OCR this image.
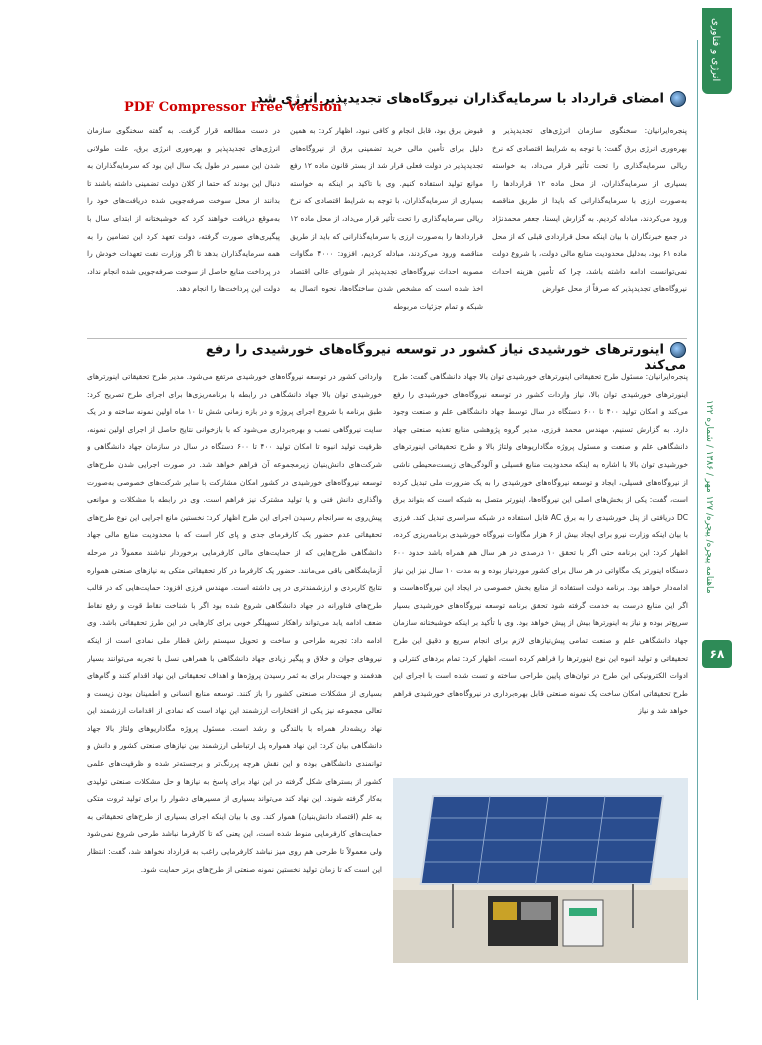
انرژی و فناوری
ماهنامه پیچره/ پیچره/ ۱۲۷ مهر / ۱۳۸۶ / شماره ۱۲۲
۶۸
امضای قرارداد با سرمایه‌گذاران نیروگاه‌های تجدیدپذیر انرژی شد
PDF Compressor Free Version
پنجره‌ایرانیان: سخنگوی سازمان انرژی‌های تجدیدپذیر و بهره‌وری انرژی برق گفت: با توجه به شرایط اقتصادی که نرخ ریالی سرمایه‌گذاری را تحت تأثیر قرار می‌داد، به خواسته بسیاری از سرمایه‌گذاران، از محل ماده ۱۲ قراردادها را به‌صورت ارزی با سرمایه‌گذارانی که بایدا از طریق مناقصه ورود می‌کردند، مبادله کردیم. به گزارش ایسنا، جعفر محمدنژاد در جمع خبرنگاران با بیان اینکه محل قراردادی قبلی که از محل ماده ۶۱ بود، به‌دلیل محدودیت منابع مالی دولت، با شروع دولت نمی‌توانست ادامه داشته باشد، چرا که تأمین هزینه احداث نیروگاه‌های تجدیدپذیر که صرفاً از محل عوارض
قبوض برق بود، قابل انجام و کافی نبود، اظهار کرد: به همین دلیل برای تأمین مالی خرید تضمینی برق از نیروگاه‌های تجدیدپذیر در دولت فعلی قرار شد از بستر قانون ماده ۱۲ رفع موانع تولید استفاده کنیم. وی با تاکید بر اینکه به خواسته بسیاری از سرمایه‌گذاران، با توجه به شرایط اقتصادی که نرخ ریالی سرمایه‌گذاری را تحت تأثیر قرار می‌داد، از محل ماده ۱۲ قراردادها را به‌صورت ارزی با سرمایه‌گذارانی که باید از طریق مناقصه ورود می‌کردند، مبادله کردیم، افزود: ۴۰۰۰ مگاوات مصوبه احداث نیروگاه‌های تجدیدپذیر از شورای عالی اقتصاد اخذ شده است که مشخص شدن ساختگاه‌ها، نحوه اتصال به شبکه و تمام جزئیات مربوطه
در دست مطالعه قرار گرفت. به گفته سخنگوی سازمان انرژی‌های تجدیدپذیر و بهره‌وری انرژی برق، علت طولانی شدن این مسیر در طول یک سال این بود که سرمایه‌گذاران به دنبال این بودند که حتما از کلان دولت تضمینی داشته باشند تا بدانند از محل سوخت صرفه‌جویی شده دریافت‌های خود را به‌موقع دریافت خواهند کرد که خوشبختانه از ابتدای سال با پیگیری‌های صورت گرفته، دولت تعهد کرد این تضامین را به همه سرمایه‌گذاران بدهد تا اگر وزارت نفت تعهدات خودش را در پرداخت منابع حاصل از سوخت صرفه‌جویی شده انجام نداد، دولت این پرداخت‌ها را انجام دهد.
اینورترهای خورشیدی نیاز کشور در توسعه نیروگاه‌های خورشیدی را رفع می‌کند
پنجره‌ایرانیان: مسئول طرح تحقیقاتی اینورترهای خورشیدی توان بالا جهاد دانشگاهی گفت: طرح اینورترهای خورشیدی توان بالا، نیاز واردات کشور در توسعه نیروگاه‌های خورشیدی را رفع می‌کند و امکان تولید ۴۰۰ تا ۶۰۰ دستگاه در سال توسط جهاد دانشگاهی علم و صنعت وجود دارد. به گزارش تسنیم، مهندس محمد فرزی، مدیر گروه پژوهشی منابع تغذیه صنعتی جهاد دانشگاهی علم و صنعت و مسئول پروژه مگاداریوهای ولتاژ بالا و طرح تحقیقاتی اینورترهای خورشیدی توان بالا با اشاره به اینکه محدودیت منابع فسیلی و آلودگی‌های زیست‌محیطی ناشی از نیروگاه‌های فسیلی، ایجاد و توسعه نیروگاه‌های خورشیدی را به یک ضرورت ملی تبدیل کرده است، گفت: یکی از بخش‌های اصلی این نیروگاه‌ها، اینورتر متصل به شبکه است که بتواند برق DC دریافتی از پنل خورشیدی را به برق AC قابل استفاده در شبکه سراسری تبدیل کند. فرزی با بیان اینکه وزارت نیرو برای ایجاد بیش از ۶ هزار مگاوات نیروگاه خورشیدی برنامه‌ریزی کرده، اظهار کرد: این برنامه حتی اگر با تحقق ۱۰ درصدی در هر سال هم همراه باشد حدود ۶۰۰ دستگاه اینورتر یک مگاواتی در هر سال برای کشور موردنیاز بوده و به مدت ۱۰ سال نیز این نیاز ادامه‌دار خواهد بود. برنامه دولت استفاده از منابع بخش خصوصی در ایجاد این نیروگاه‌هاست و اگر این منابع درست به خدمت گرفته شود تحقق برنامه توسعه نیروگاه‌های خورشیدی بسیار سریع‌تر بوده و نیاز به اینورترها بیش از پیش خواهد بود. وی با تأکید بر اینکه خوشبختانه سازمان جهاد دانشگاهی علم و صنعت تمامی پیش‌نیازهای لازم برای انجام سریع و دقیق این طرح تحقیقاتی و تولید انبوه این نوع اینورترها را فراهم کرده است، اظهار کرد: تمام بردهای کنترلی و ادوات الکترونیکی این طرح در توان‌های پایین طراحی ساخته و تست شده است با اجرای این طرح تحقیقاتی امکان ساخت یک نمونه صنعتی قابل بهره‌برداری در نیروگاه‌های خورشیدی فراهم خواهد شد و نیاز
وارداتی کشور در توسعه نیروگاه‌های خورشیدی مرتفع می‌شود. مدیر طرح تحقیقاتی اینورترهای خورشیدی توان بالا جهاد دانشگاهی در رابطه با برنامه‌ریزی‌ها برای اجرای طرح تصریح کرد: طبق برنامه با شروع اجرای پروژه و در بازه زمانی شش تا ۱۰ ماه اولین نمونه ساخته و در یک سایت نیروگاهی نصب و بهره‌برداری می‌شود که با بازخوانی نتایج حاصل از اجرای اولین نمونه، ظرفیت تولید انبوه تا امکان تولید ۴۰۰ تا ۶۰۰ دستگاه در سال در سازمان جهاد دانشگاهی و شرکت‌های دانش‌بنیان زیرمجموعه آن فراهم خواهد شد. در صورت اجرایی شدن طرح‌های توسعه نیروگاه‌های خورشیدی در کشور امکان مشارکت با سایر شرکت‌های خصوصی به‌صورت واگذاری دانش فنی و یا تولید مشترک نیز فراهم است. وی در رابطه با مشکلات و موانعی پیش‌روی به سرانجام رسیدن اجرای این طرح اظهار کرد: نخستین مانع اجرایی این نوع طرح‌های تحقیقاتی عدم حضور یک کارفرمای جدی و پای کار است که با محدودیت منابع مالی جهاد دانشگاهی طرح‌هایی که از حمایت‌های مالی کارفرمایی برخوردار نباشند معمولاً در مرحله آزمایشگاهی باقی می‌مانند. حضور یک کارفرما در کار تحقیقاتی متکی به نیازهای صنعتی همواره نتایج کاربردی و ارزشمندتری در پی داشته است. مهندس فرزی افزود: حمایت‌هایی که در قالب طرح‌های فناورانه در جهاد دانشگاهی شروع شده بود اگر با شناخت نقاط قوت و رفع نقاط ضعف ادامه یابد می‌تواند راهکار تسهیلگر خوبی برای کارهایی در این طرز تحقیقاتی باشد. وی ادامه داد: تجربه طراحی و ساخت و تحویل سیستم راش قطار ملی نمادی است از اینکه نیروهای جوان و خلاق و پیگیر زیادی جهاد دانشگاهی با همراهی نسل با تجربه می‌توانند بسیار هدفمند و جهت‌دار برای به ثمر رسیدن پروژه‌ها و اهداف تحقیقاتی این نهاد اقدام کنند و گام‌های بسیاری از مشکلات صنعتی کشور را باز کنند. توسعه منابع انسانی و اطمینان بودن زیست و تعالی مجموعه نیز یکی از افتخارات ارزشمند این نهاد است که نمادی از اقدامات ارزشمند این نهاد ریشه‌دار همراه با بالندگی و رشد است. مسئول پروژه مگاداریوهای ولتاژ بالا جهاد دانشگاهی بیان کرد: این نهاد همواره پل ارتباطی ارزشمند بین نیازهای صنعتی کشور و دانش و توانمندی دانشگاهی بوده و این نقش هرچه پررنگ‌تر و برجسته‌تر شده و ظرفیت‌های علمی کشور از بستر‌های شکل گرفته در این نهاد برای پاسخ به نیازها و حل مشکلات صنعتی تولیدی به‌کار گرفته شوند. این نهاد کند می‌تواند بسیاری از مسیرهای دشوار را برای تولید ثروت متکی به علم (اقتصاد دانش‌بنیان) هموار کند. وی با بیان اینکه اجرای بسیاری از طرح‌های تحقیقاتی به حمایت‌های کارفرمایی منوط شده است، این یعنی که تا کارفرما نباشد طرحی شروع نمی‌شود ولی معمولاً تا طرحی هم روی میز نباشد کارفرمایی راغب به قرارداد نخواهد شد، گفت: انتظار این است که تا زمان تولید نخستین نمونه صنعتی از طرح‌های برتر حمایت شود.
